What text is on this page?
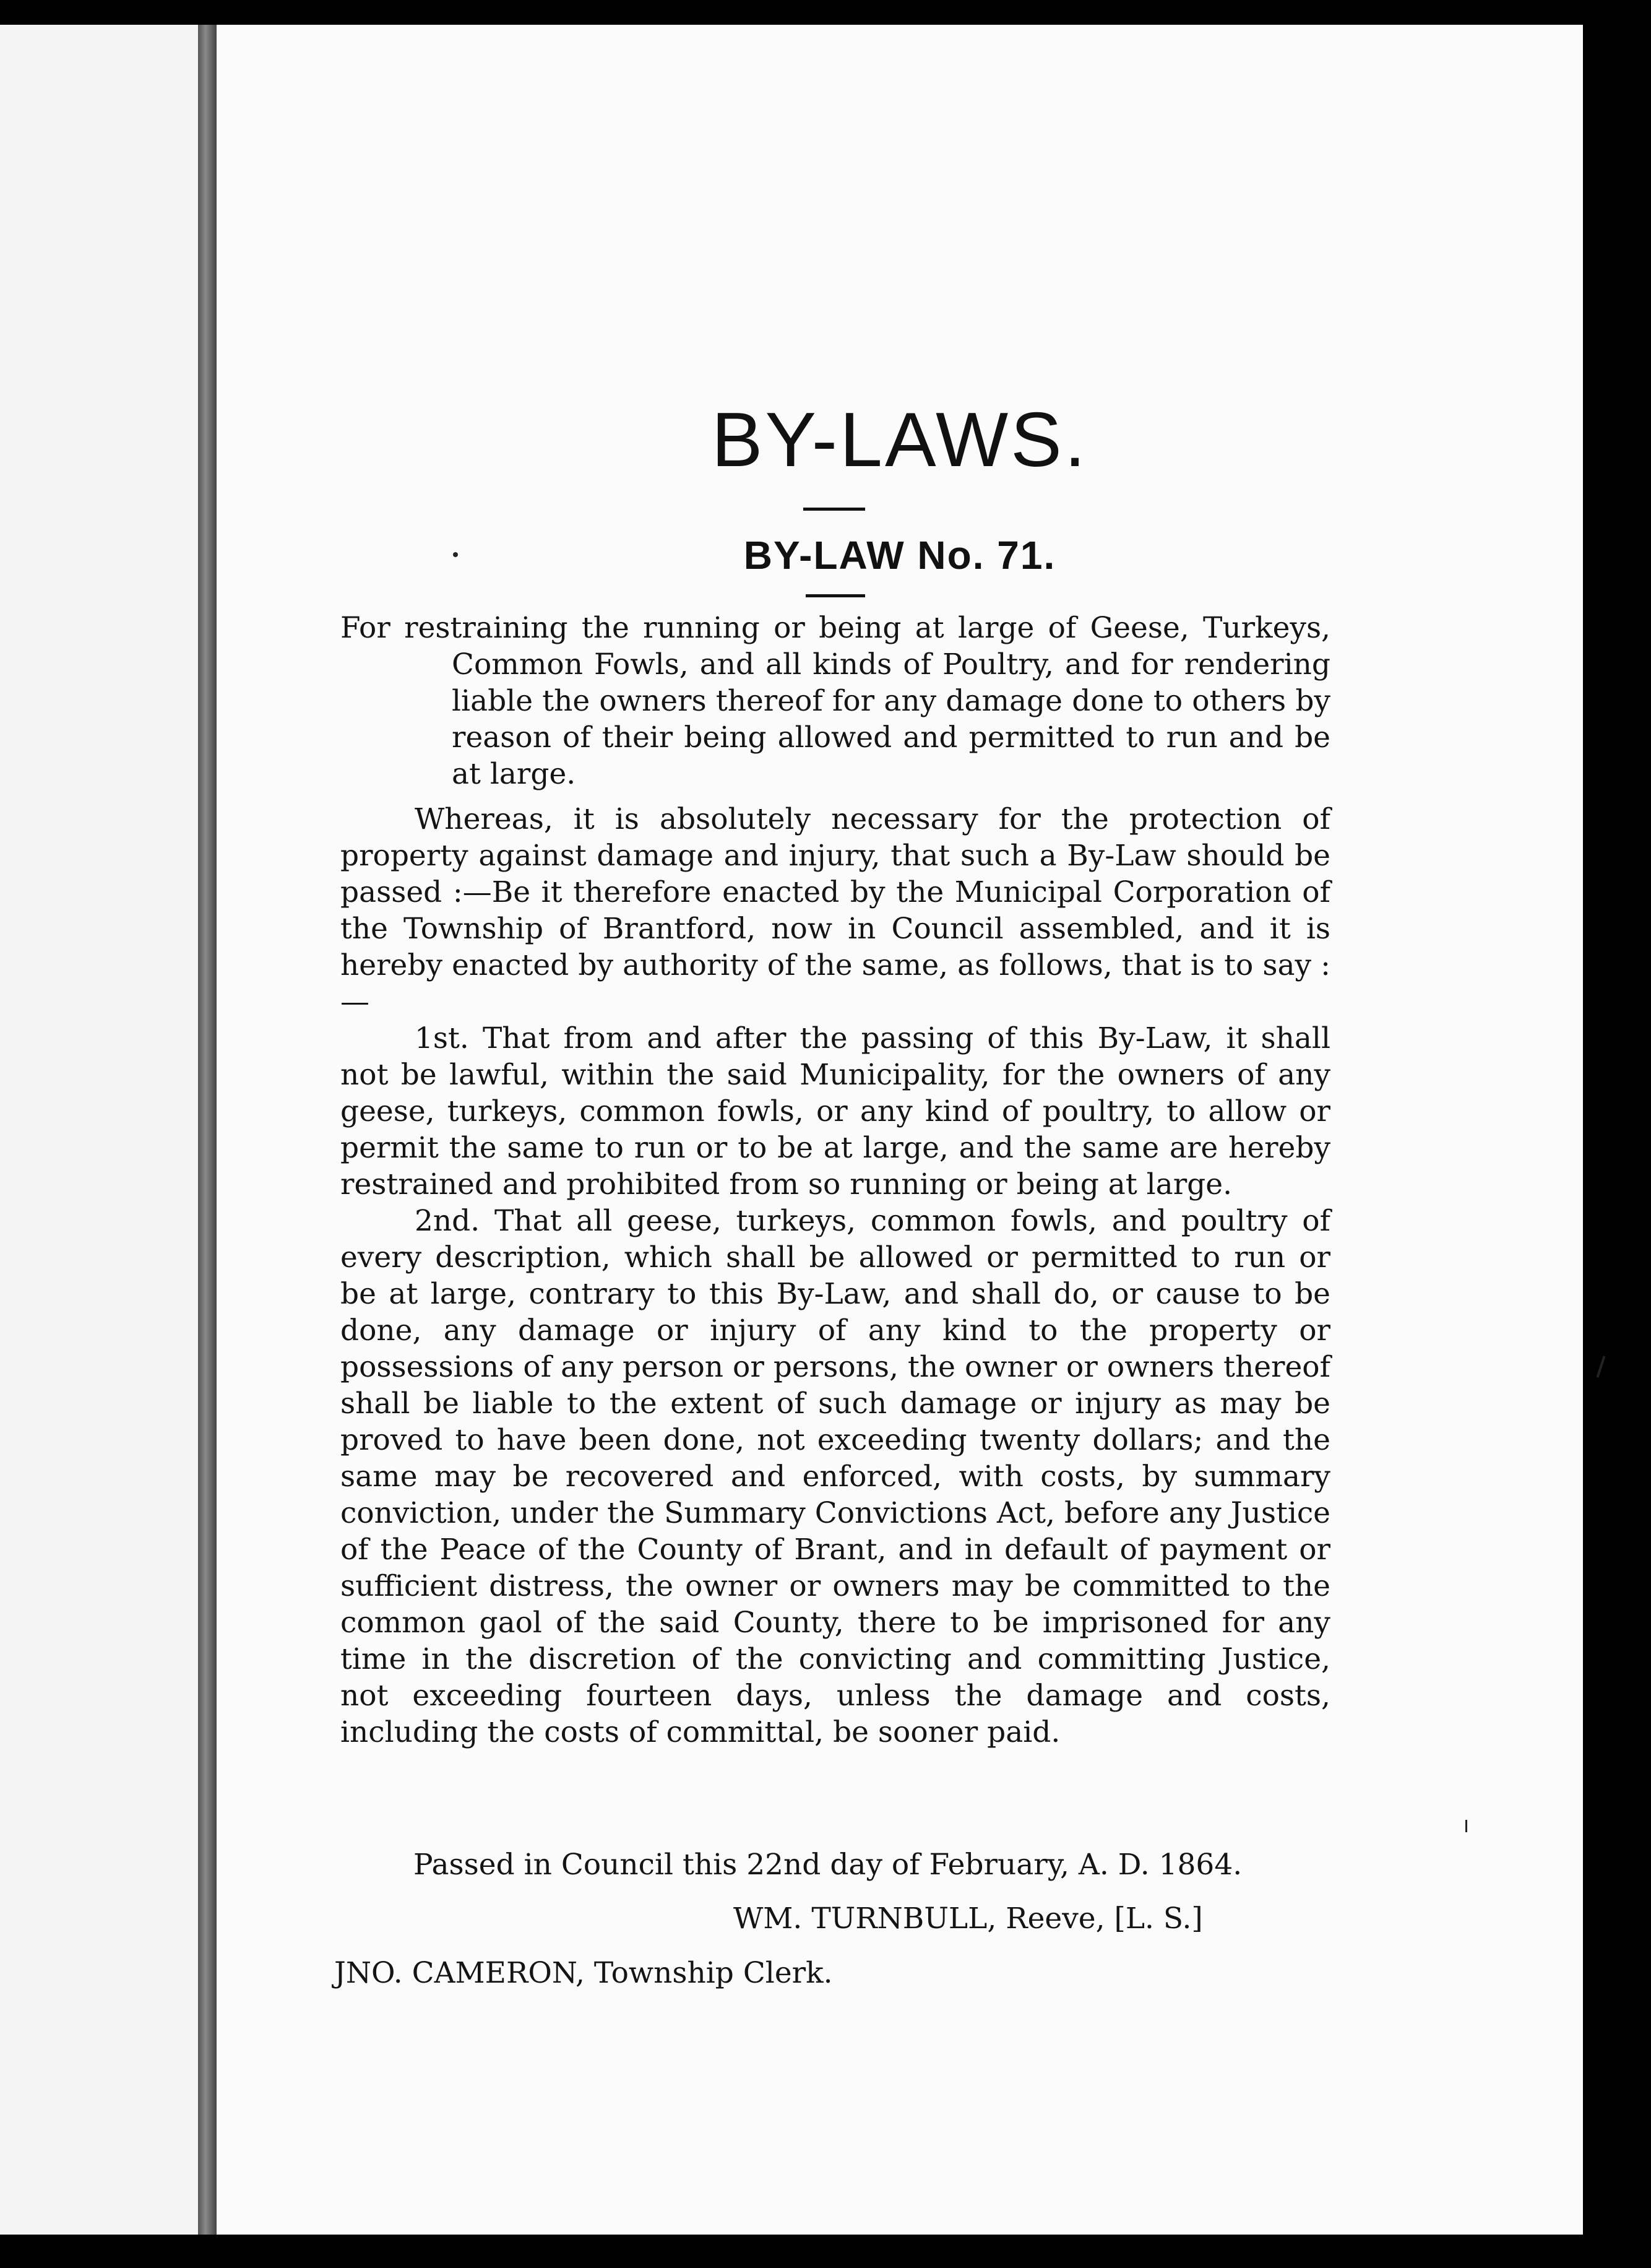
BY-LAWS.
BY-LAW No. 71.

For restraining the running or being at large of Geese, Turkeys, Common Fowls, and all kinds of Poultry, and for rendering liable the owners thereof for any damage done to others by reason of their being allowed and permitted to run and be at large.

Whereas, it is absolutely necessary for the protection of property against damage and injury, that such a By-Law should be passed :—Be it therefore enacted by the Municipal Corporation of the Township of Brantford, now in Council assembled, and it is hereby enacted by authority of the same, as follows, that is to say :—

1st. That from and after the passing of this By-Law, it shall not be lawful, within the said Municipality, for the owners of any geese, turkeys, common fowls, or any kind of poultry, to allow or permit the same to run or to be at large, and the same are hereby restrained and prohibited from so running or being at large.

2nd. That all geese, turkeys, common fowls, and poultry of every description, which shall be allowed or permitted to run or be at large, contrary to this By-Law, and shall do, or cause to be done, any damage or injury of any kind to the property or possessions of any person or persons, the owner or owners thereof shall be liable to the extent of such damage or injury as may be proved to have been done, not exceeding twenty dollars; and the same may be recovered and enforced, with costs, by summary conviction, under the Summary Convictions Act, before any Justice of the Peace of the County of Brant, and in default of payment or sufficient distress, the owner or owners may be committed to the common gaol of the said County, there to be imprisoned for any time in the discretion of the convicting and committing Justice, not exceeding fourteen days, unless the damage and costs, including the costs of committal, be sooner paid.

Passed in Council this 22nd day of February, A. D. 1864.

WM. TURNBULL, Reeve, [L. S.]

JNO. CAMERON, Township Clerk.
